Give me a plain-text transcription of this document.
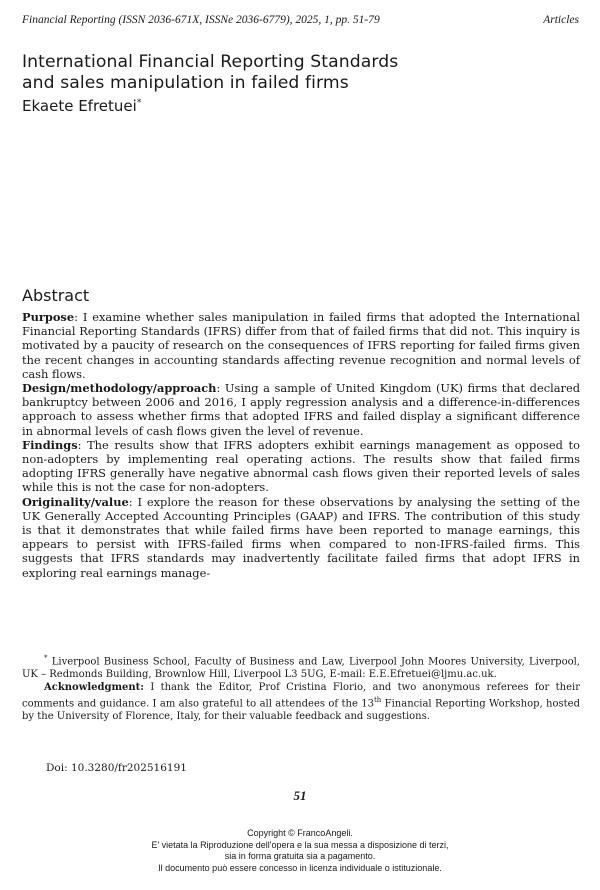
Financial Reporting (ISSN 2036-671X, ISSNe 2036-6779), 2025, 1, pp. 51-79	Articles
International Financial Reporting Standards
and sales manipulation in failed firms
Ekaete Efretuei*
Abstract

Purpose: I examine whether sales manipulation in failed firms that adopted the International Financial Reporting Standards (IFRS) differ from that of failed firms that did not. This inquiry is motivated by a paucity of research on the consequences of IFRS reporting for failed firms given the recent changes in accounting standards affecting revenue recognition and normal levels of cash flows.

Design/methodology/approach: Using a sample of United Kingdom (UK) firms that declared bankruptcy between 2006 and 2016, I apply regression analysis and a difference-in-differences approach to assess whether firms that adopted IFRS and failed display a significant difference in abnormal levels of cash flows given the level of revenue.

Findings: The results show that IFRS adopters exhibit earnings management as opposed to non-adopters by implementing real operating actions. The results show that failed firms adopting IFRS generally have negative abnormal cash flows given their reported levels of sales while this is not the case for non-adopters.

Originality/value: I explore the reason for these observations by analysing the setting of the UK Generally Accepted Accounting Principles (GAAP) and IFRS. The contribution of this study is that it demonstrates that while failed firms have been reported to manage earnings, this appears to persist with IFRS-failed firms when compared to non-IFRS-failed firms. This suggests that IFRS standards may inadvertently facilitate failed firms that adopt IFRS in exploring real earnings manage-

* Liverpool Business School, Faculty of Business and Law, Liverpool John Moores University, Liverpool, UK – Redmonds Building, Brownlow Hill, Liverpool L3 5UG, E-mail: E.E.Efretuei@ljmu.ac.uk.

Acknowledgment: I thank the Editor, Prof Cristina Florio, and two anonymous referees for their comments and guidance. I am also grateful to all attendees of the 13th Financial Reporting Workshop, hosted by the University of Florence, Italy, for their valuable feedback and suggestions.

Doi: 10.3280/fr202516191
51
Copyright © FrancoAngeli.
E' vietata la Riproduzione dell'opera e la sua messa a disposizione di terzi,
sia in forma gratuita sia a pagamento.
Il documento può essere concesso in licenza individuale o istituzionale.
